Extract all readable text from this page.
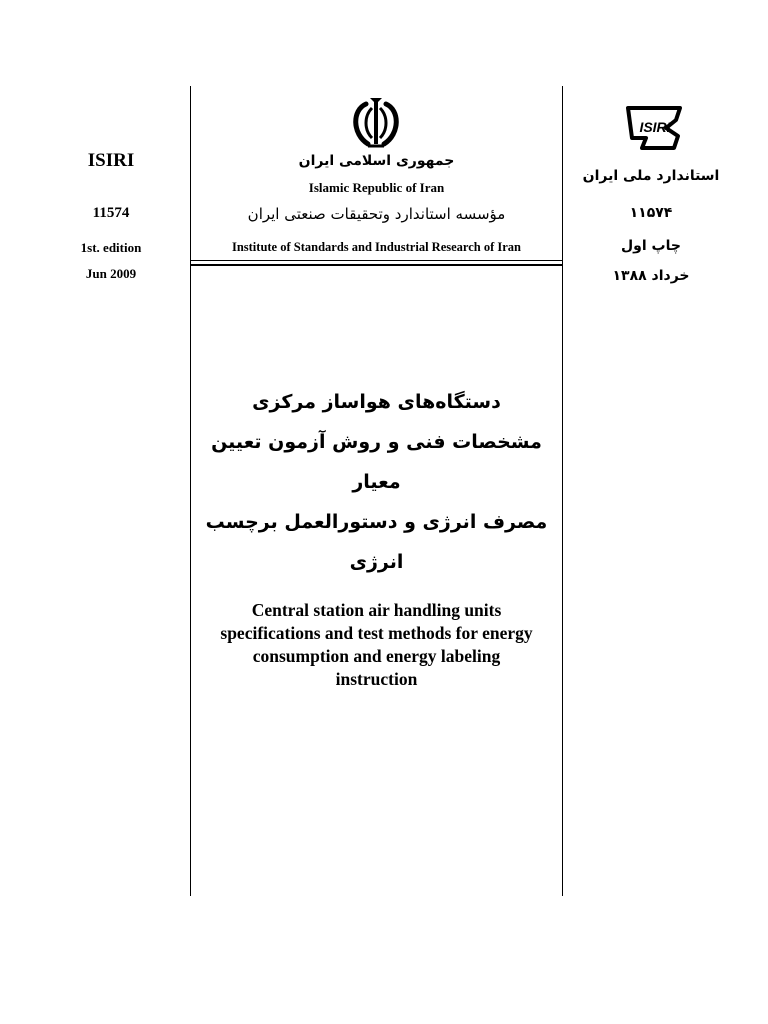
ISIRI
11574
1st. edition
Jun 2009
ISIRI
استاندارد ملی ایران
۱۱۵۷۴
چاپ اول
خرداد ۱۳۸۸
جمهوری اسلامی ایران
Islamic Republic of Iran
مؤسسه استاندارد وتحقیقات صنعتی ایران
Institute of Standards and Industrial Research of Iran
دستگاه‌های هواساز مرکزی
مشخصات فنی و روش آزمون تعیین معیار
مصرف انرژی و دستورالعمل برچسب انرژی
Central station air handling units
specifications and test methods for energy
consumption and energy labeling
instruction
